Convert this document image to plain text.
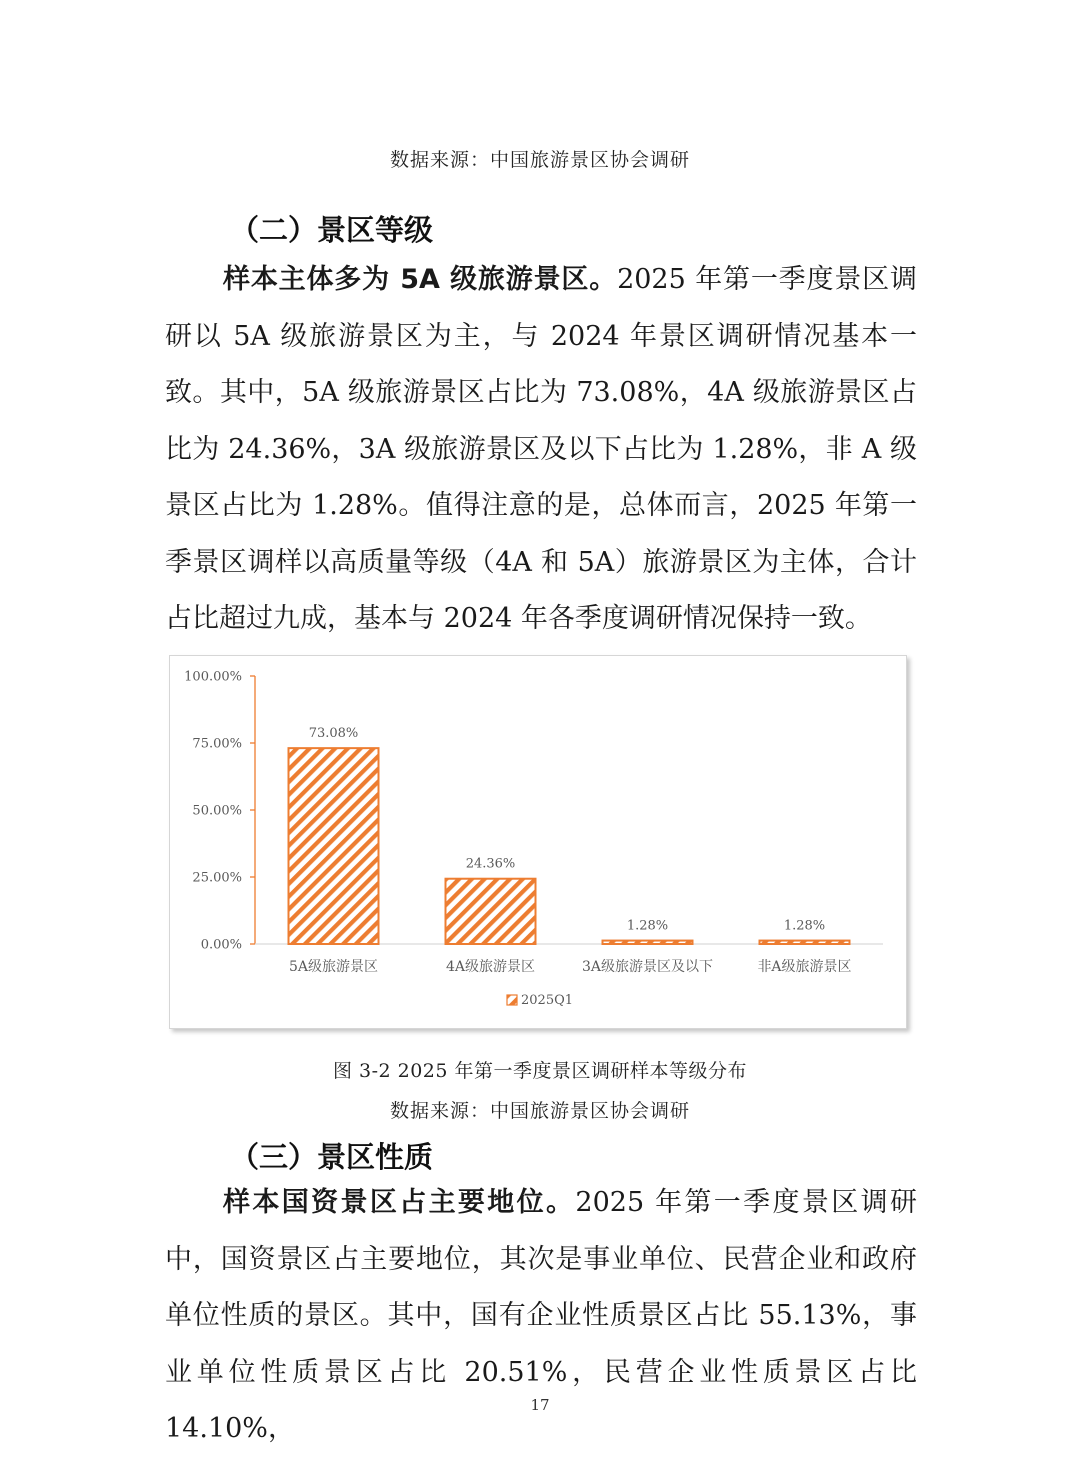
数据来源：中国旅游景区协会调研
（二）景区等级

样本主体多为 5A 级旅游景区。2025 年第一季度景区调研以 5A 级旅游景区为主，与 2024 年景区调研情况基本一致。其中，5A 级旅游景区占比为 73.08%，4A 级旅游景区占比为 24.36%，3A 级旅游景区及以下占比为 1.28%，非 A 级景区占比为 1.28%。值得注意的是，总体而言，2025 年第一季景区调样以高质量等级（4A 和 5A）旅游景区为主体，合计占比超过九成，基本与 2024 年各季度调研情况保持一致。

0.00%
25.00%
50.00%
75.00%
100.00%
73.08%
5A级旅游景区
24.36%
4A级旅游景区
1.28%
3A级旅游景区及以下
1.28%
非A级旅游景区
2025Q1
图 3-2 2025 年第一季度景区调研样本等级分布
数据来源：中国旅游景区协会调研
（三）景区性质

样本国资景区占主要地位。2025 年第一季度景区调研中，国资景区占主要地位，其次是事业单位、民营企业和政府单位性质的景区。其中，国有企业性质景区占比 55.13%，事业单位性质景区占比 20.51%，民营企业性质景区占比 14.10%，

17
